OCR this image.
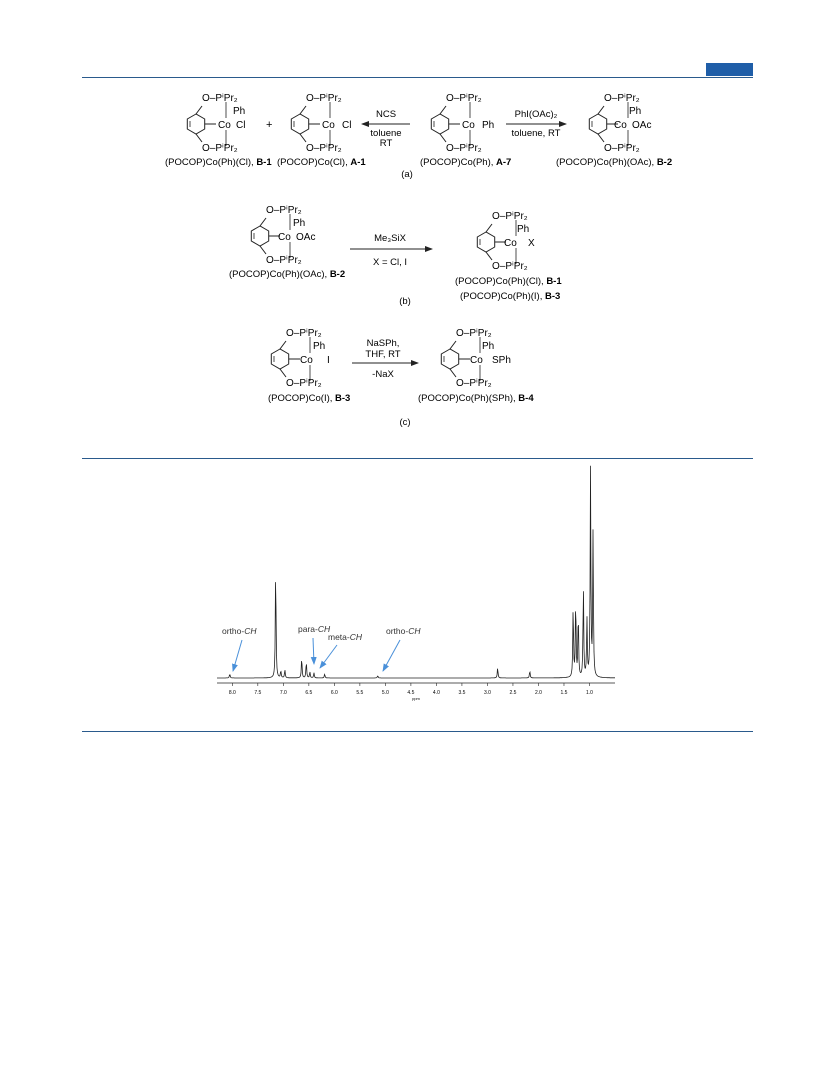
O–PⁱPr₂
O–PⁱPr₂
Ph
Co Cl
(POCOP)Co(Ph)(Cl), B-1
+
O–PⁱPr₂
O–PⁱPr₂
Co Cl
(POCOP)Co(Cl), A-1
NCS
toluene
RT
O–PⁱPr₂
O–PⁱPr₂
Co Ph
(POCOP)Co(Ph), A-7
PhI(OAc)₂
toluene, RT
O–PⁱPr₂
O–PⁱPr₂
Ph
Co OAc
(POCOP)Co(Ph)(OAc), B-2
(a)
O–PⁱPr₂
O–PⁱPr₂
Ph
Co OAc
(POCOP)Co(Ph)(OAc), B-2
Me₃SiX
X = Cl, I
O–PⁱPr₂
O–PⁱPr₂
Ph
Co X
(POCOP)Co(Ph)(Cl), B-1
(POCOP)Co(Ph)(I), B-3
(b)
O–PⁱPr₂
O–PⁱPr₂
Ph
Co I
(POCOP)Co(I), B-3
NaSPh,
THF, RT
-NaX
O–PⁱPr₂
O–PⁱPr₂
Ph
Co SPh
(POCOP)Co(Ph)(SPh), B-4
(c)
8.0	7.5	7.0	6.5	6.0	5.5	5.0	4.5	4.0	3.5	3.0	2.5	2.0	1.5	1.0
ppm
ortho-CH	para-CH
meta-CH
ortho-CH
